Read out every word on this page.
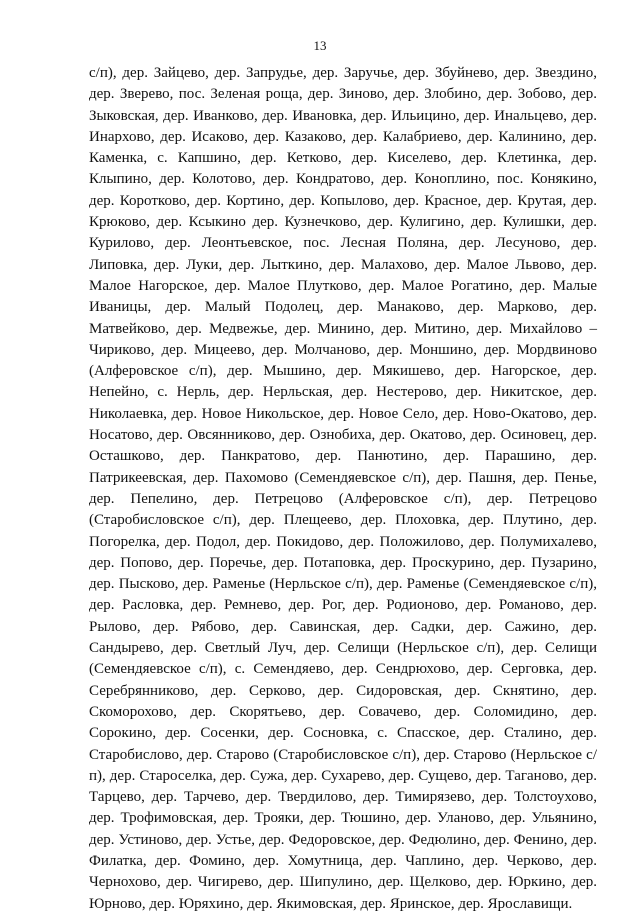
13

с/п), дер. Зайцево, дер. Запрудье, дер. Заручье, дер. Збуйнево, дер. Звездино, дер. Зверево, пос. Зеленая роща, дер. Зиново, дер. Злобино, дер. Зобово, дер. Зыковская, дер. Иванково, дер. Ивановка, дер. Ильицино, дер. Инальцево, дер. Инархово, дер. Исаково, дер. Казаково, дер. Калабриево, дер. Калинино, дер. Каменка, с. Капшино, дер. Кетково, дер. Киселево, дер. Клетинка, дер. Клыпино, дер. Колотово, дер. Кондратово, дер. Коноплино, пос. Конякино, дер. Коротково, дер. Кортино, дер. Копылово, дер. Красное, дер. Крутая, дер. Крюково, дер. Ксыкино дер. Кузнечково, дер. Кулигино, дер. Кулишки, дер. Курилово, дер. Леонтьевское, пос. Лесная Поляна, дер. Лесуново, дер. Липовка, дер. Луки, дер. Лыткино, дер. Малахово, дер. Малое Львово, дер. Малое Нагорское, дер. Малое Плутково, дер. Малое Рогатино, дер. Малые Иваницы, дер. Малый Подолец, дер. Манаково, дер. Марково, дер. Матвейково, дер. Медвежье, дер. Минино, дер. Митино, дер. Михайлово – Чириково, дер. Мицеево, дер. Молчаново, дер. Моншино, дер. Мордвиново (Алферовское с/п), дер. Мышино, дер. Мякишево, дер. Нагорское, дер. Непейно, с. Нерль, дер. Нерльская, дер. Нестерово, дер. Никитское, дер. Николаевка, дер. Новое Никольское, дер. Новое Село, дер. Ново-Окатово, дер. Носатово, дер. Овсянниково, дер. Ознобиха, дер. Окатово, дер. Осиновец, дер. Осташково, дер. Панкратово, дер. Панютино, дер. Парашино, дер. Патрикеевская, дер. Пахомово (Семендяевское с/п), дер. Пашня, дер. Пенье, дер. Пепелино, дер. Петрецово (Алферовское с/п), дер. Петрецово (Старобисловское с/п), дер. Плещеево, дер. Плоховка, дер. Плутино, дер. Погорелка, дер. Подол, дер. Покидово, дер. Положилово, дер. Полумихалево, дер. Попово, дер. Поречье, дер. Потаповка, дер. Проскурино, дер. Пузарино, дер. Пысково, дер. Раменье (Нерльское с/п), дер. Раменье (Семендяевское с/п), дер. Расловка, дер. Ремнево, дер. Рог, дер. Родионово, дер. Романово, дер. Рылово, дер. Рябово, дер. Савинская, дер. Садки, дер. Сажино, дер. Сандырево, дер. Светлый Луч, дер. Селищи (Нерльское с/п), дер. Селищи (Семендяевское с/п), с. Семендяево, дер. Сендрюхово, дер. Серговка, дер. Серебрянниково, дер. Серково, дер. Сидоровская, дер. Скнятино, дер. Скоморохово, дер. Скорятьево, дер. Совачево, дер. Соломидино, дер. Сорокино, дер. Сосенки, дер. Сосновка, с. Спасское, дер. Сталино, дер. Старобислово, дер. Старово (Старобисловское с/п), дер. Старово (Нерльское с/п), дер. Староселка, дер. Сужа, дер. Сухарево, дер. Сущево, дер. Таганово, дер. Тарцево, дер. Тарчево, дер. Твердилово, дер. Тимирязево, дер. Толстоухово, дер. Трофимовская, дер. Трояки, дер. Тюшино, дер. Уланово, дер. Ульянино, дер. Устиново, дер. Устье, дер. Федоровское, дер. Федюлино, дер. Фенино, дер. Филатка, дер. Фомино, дер. Хомутница, дер. Чаплино, дер. Черково, дер. Чернохово, дер. Чигирево, дер. Шипулино, дер. Щелково, дер. Юркино, дер. Юрново, дер. Юряхино, дер. Якимовская, дер. Яринское, дер. Ярославищи.
